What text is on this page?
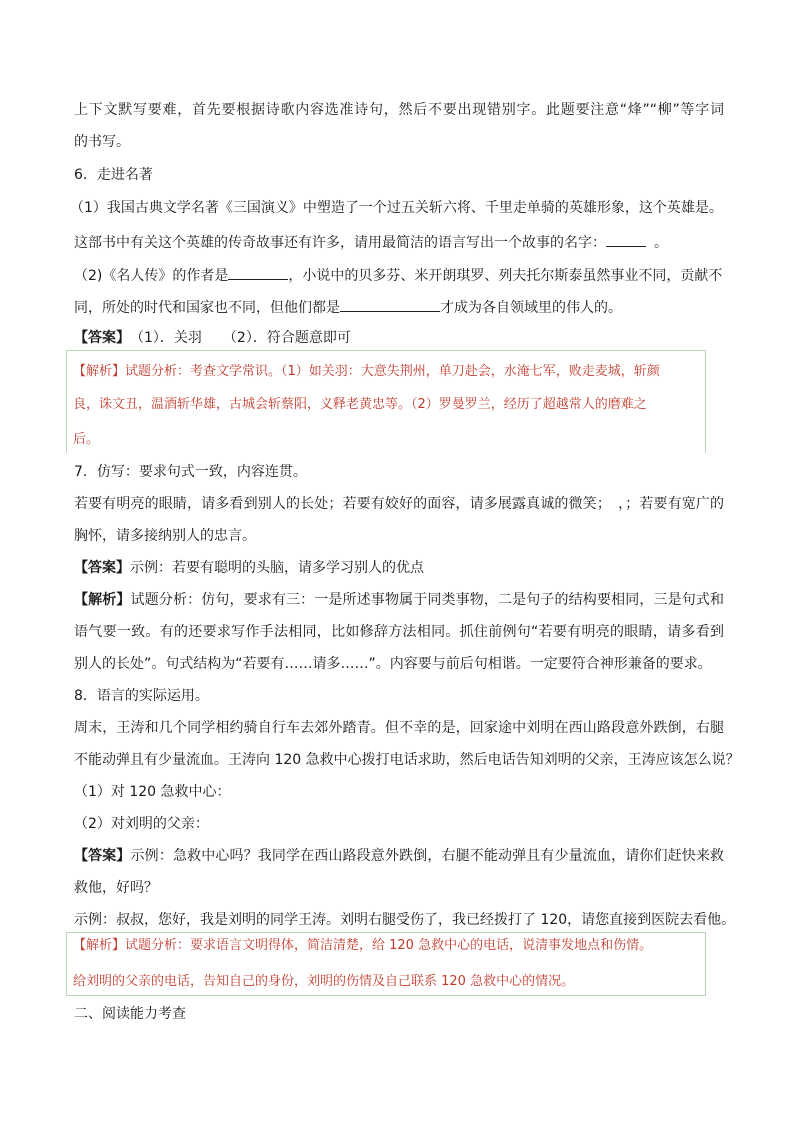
上下文默写要难，首先要根据诗歌内容选准诗句，然后不要出现错别字。此题要注意“烽”“柳”等字词
的书写。
6．走进名著
（1）我国古典文学名著《三国演义》中塑造了一个过五关斩六将、千里走单骑的英雄形象，这个英雄是。
这部书中有关这个英雄的传奇故事还有许多，请用最简洁的语言写出一个故事的名字：	。
（2)《名人传》的作者是	，小说中的贝多芬、米开朗琪罗、列夫托尔斯泰虽然事业不同，贡献不
同，所处的时代和国家也不同，但他们都是	才成为各自领域里的伟人的。
【答案】　（1）．关羽　　（2）．符合题意即可
【解析】试题分析：考查文学常识。（1）如关羽：大意失荆州，单刀赴会，水淹七军，败走麦城，斩颜
良，诛文丑，温酒斩华雄，古城会斩蔡阳，义释老黄忠等。（2）罗曼罗兰，经历了超越常人的磨难之
后。
7．仿写：要求句式一致，内容连贯。
若要有明亮的眼睛，请多看到别人的长处；若要有姣好的面容，请多展露真诚的微笑；　，；若要有宽广的
胸怀，请多接纳别人的忠言。
【答案】示例：若要有聪明的头脑，请多学习别人的优点
【解析】试题分析：仿句，要求有三：一是所述事物属于同类事物，二是句子的结构要相同，三是句式和
语气要一致。有的还要求写作手法相同，比如修辞方法相同。抓住前例句“若要有明亮的眼睛，请多看到
别人的长处”。句式结构为“若要有……请多……”。内容要与前后句相谐。一定要符合神形兼备的要求。
8．语言的实际运用。
周末，王涛和几个同学相约骑自行车去郊外踏青。但不幸的是，回家途中刘明在西山路段意外跌倒，右腿
不能动弹且有少量流血。王涛向 120 急救中心拨打电话求助，然后电话告知刘明的父亲，王涛应该怎么说？
（1）对 120 急救中心：
（2）对刘明的父亲：
【答案】示例：急救中心吗？我同学在西山路段意外跌倒，右腿不能动弹且有少量流血，请你们赶快来救
救他，好吗？
示例：叔叔，您好，我是刘明的同学王涛。刘明右腿受伤了，我已经拨打了 120，请您直接到医院去看他。
【解析】试题分析：要求语言文明得体，简洁清楚，给 120 急救中心的电话，说清事发地点和伤情。
给刘明的父亲的电话，告知自己的身份，刘明的伤情及自己联系 120 急救中心的情况。
二、阅读能力考查
